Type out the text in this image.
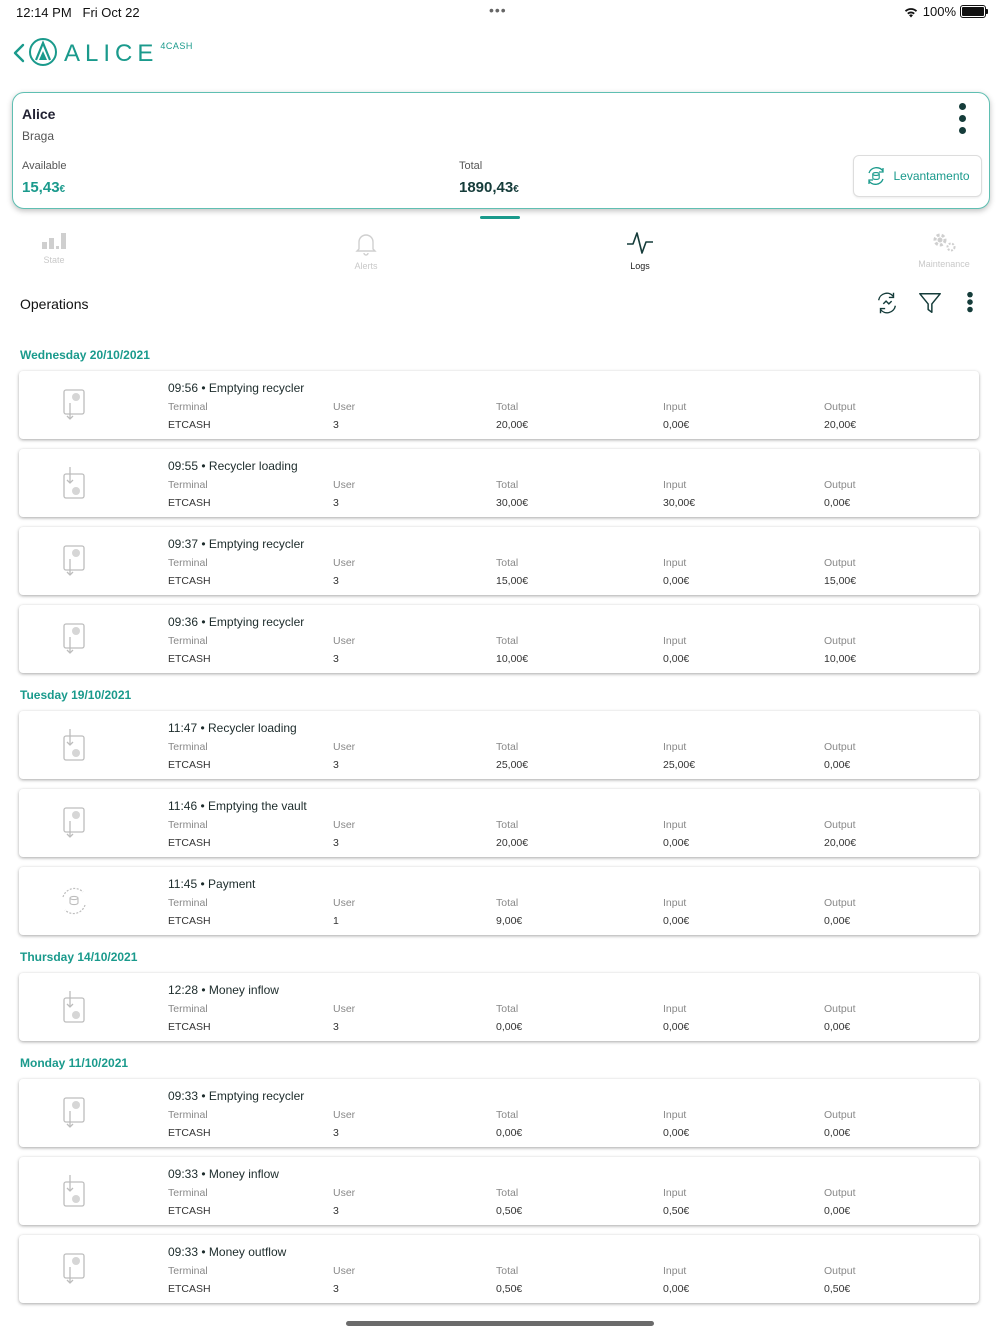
12:14 PM Fri Oct 22	•••	100%
ALICE 4CASH
Alice
Braga
Available
15,43€
Total
1890,43€
Levantamento
State
Alerts	Logs	Maintenance
Operations
Wednesday 20/10/2021
09:56 • Emptying recycler
Terminal
ETCASH
User
3
Total
20,00€
Input
0,00€
Output
20,00€
09:55 • Recycler loading
Terminal
ETCASH
User
3
Total
30,00€
Input
30,00€
Output
0,00€
09:37 • Emptying recycler
Terminal
ETCASH
User
3
Total
15,00€
Input
0,00€
Output
15,00€
09:36 • Emptying recycler
Terminal
ETCASH
User
3
Total
10,00€
Input
0,00€
Output
10,00€
Tuesday 19/10/2021
11:47 • Recycler loading
Terminal
ETCASH
User
3
Total
25,00€
Input
25,00€
Output
0,00€
11:46 • Emptying the vault
Terminal
ETCASH
User
3
Total
20,00€
Input
0,00€
Output
20,00€
11:45 • Payment
Terminal
ETCASH
User
1
Total
9,00€
Input
0,00€
Output
0,00€
Thursday 14/10/2021
12:28 • Money inflow
Terminal
ETCASH
User
3
Total
0,00€
Input
0,00€
Output
0,00€
Monday 11/10/2021
09:33 • Emptying recycler
Terminal
ETCASH
User
3
Total
0,00€
Input
0,00€
Output
0,00€
09:33 • Money inflow
Terminal
ETCASH
User
3
Total
0,50€
Input
0,50€
Output
0,00€
09:33 • Money outflow
Terminal
ETCASH
User
3
Total
0,50€
Input
0,00€
Output
0,50€
